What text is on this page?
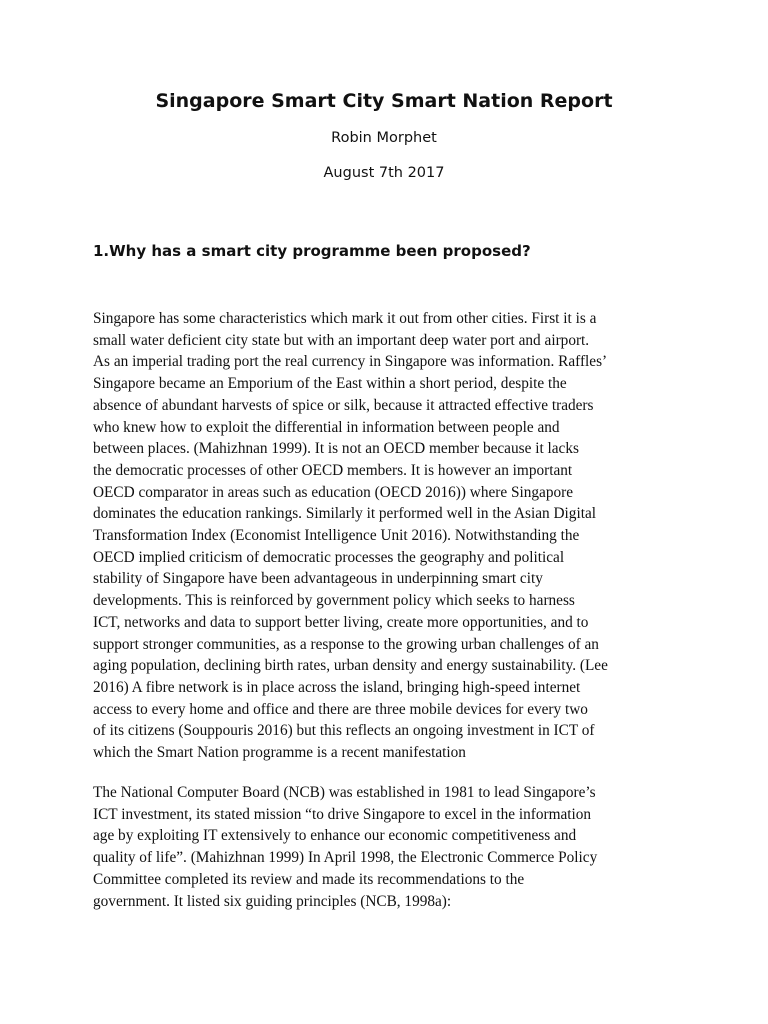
Singapore Smart City Smart Nation Report
Robin Morphet
August 7th 2017
1.Why has a smart city programme been proposed?
Singapore has some characteristics which mark it out from other cities. First it is a
small water deficient city state but with an important deep water port and airport.
As an imperial trading port the real currency in Singapore was information. Raffles’
Singapore became an Emporium of the East within a short period, despite the
absence of abundant harvests of spice or silk, because it attracted effective traders
who knew how to exploit the differential in information between people and
between places. (Mahizhnan 1999). It is not an OECD member because it lacks
the democratic processes of other OECD members. It is however an important
OECD comparator in areas such as education (OECD 2016)) where Singapore
dominates the education rankings. Similarly it performed well in the Asian Digital
Transformation Index (Economist Intelligence Unit 2016). Notwithstanding the
OECD implied criticism of democratic processes the geography and political
stability of Singapore have been advantageous in underpinning smart city
developments. This is reinforced by government policy which seeks to harness
ICT, networks and data to support better living, create more opportunities, and to
support stronger communities, as a response to the growing urban challenges of an
aging population, declining birth rates, urban density and energy sustainability. (Lee
2016) A fibre network is in place across the island, bringing high-speed internet
access to every home and office and there are three mobile devices for every two
of its citizens (Souppouris 2016) but this reflects an ongoing investment in ICT of
which the Smart Nation programme is a recent manifestation
The National Computer Board (NCB) was established in 1981 to lead Singapore’s
ICT investment, its stated mission “to drive Singapore to excel in the information
age by exploiting IT extensively to enhance our economic competitiveness and
quality of life”. (Mahizhnan 1999) In April 1998, the Electronic Commerce Policy
Committee completed its review and made its recommendations to the
government. It listed six guiding principles (NCB, 1998a):
